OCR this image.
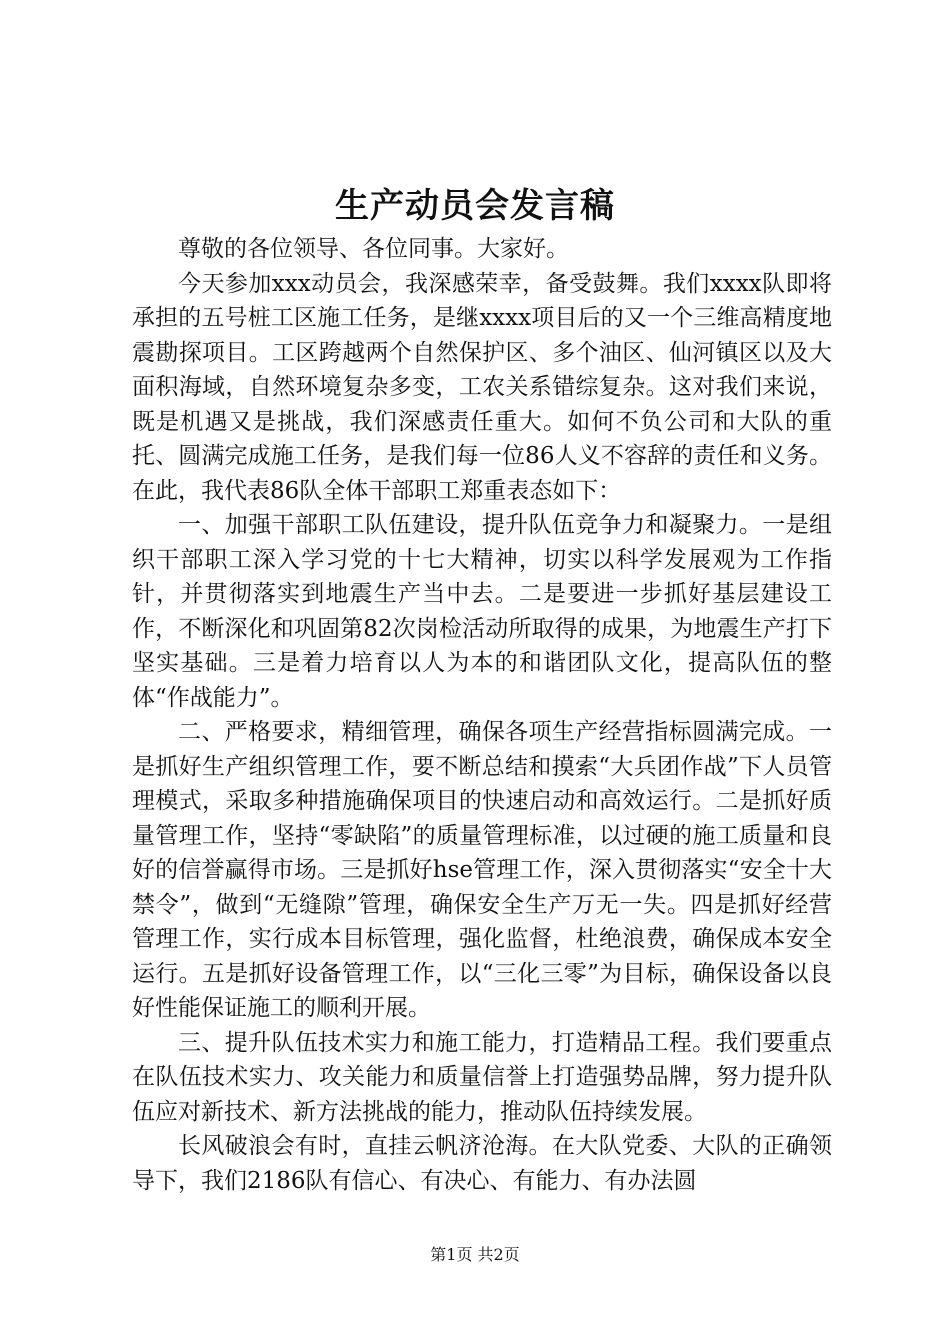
生产动员会发言稿

尊敬的各位领导、各位同事。大家好。

今天参加xxx动员会，我深感荣幸，备受鼓舞。我们xxxx队即将承担的五号桩工区施工任务，是继xxxx项目后的又一个三维高精度地震勘探项目。工区跨越两个自然保护区、多个油区、仙河镇区以及大面积海域，自然环境复杂多变，工农关系错综复杂。这对我们来说，既是机遇又是挑战，我们深感责任重大。如何不负公司和大队的重托、圆满完成施工任务，是我们每一位86人义不容辞的责任和义务。在此，我代表86队全体干部职工郑重表态如下：

一、加强干部职工队伍建设，提升队伍竞争力和凝聚力。一是组织干部职工深入学习党的十七大精神，切实以科学发展观为工作指针，并贯彻落实到地震生产当中去。二是要进一步抓好基层建设工作，不断深化和巩固第82次岗检活动所取得的成果，为地震生产打下坚实基础。三是着力培育以人为本的和谐团队文化，提高队伍的整体“作战能力”。

二、严格要求，精细管理，确保各项生产经营指标圆满完成。一是抓好生产组织管理工作，要不断总结和摸索“大兵团作战”下人员管理模式，采取多种措施确保项目的快速启动和高效运行。二是抓好质量管理工作，坚持“零缺陷”的质量管理标准，以过硬的施工质量和良好的信誉赢得市场。三是抓好hse管理工作，深入贯彻落实“安全十大禁令”，做到“无缝隙”管理，确保安全生产万无一失。四是抓好经营管理工作，实行成本目标管理，强化监督，杜绝浪费，确保成本安全运行。五是抓好设备管理工作，以“三化三零”为目标，确保设备以良好性能保证施工的顺利开展。

三、提升队伍技术实力和施工能力，打造精品工程。我们要重点在队伍技术实力、攻关能力和质量信誉上打造强势品牌，努力提升队伍应对新技术、新方法挑战的能力，推动队伍持续发展。

长风破浪会有时，直挂云帆济沧海。在大队党委、大队的正确领导下，我们2186队有信心、有决心、有能力、有办法圆

第1页 共2页
